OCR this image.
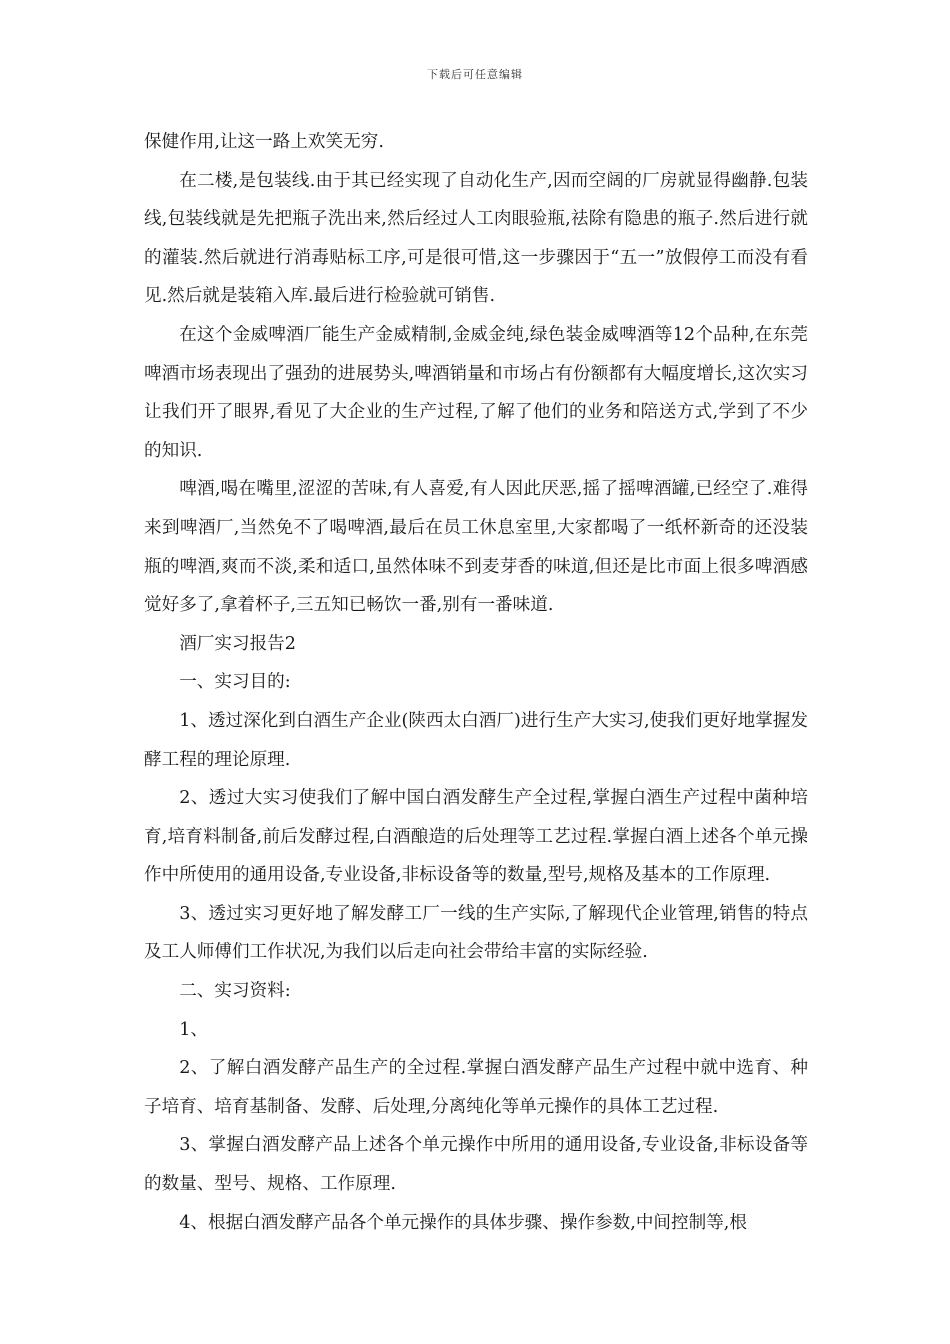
下载后可任意编辑

保健作用,让这一路上欢笑无穷.

在二楼,是包装线.由于其已经实现了自动化生产,因而空阔的厂房就显得幽静.包装线,包装线就是先把瓶子洗出来,然后经过人工肉眼验瓶,祛除有隐患的瓶子.然后进行就的灌装.然后就进行消毒贴标工序,可是很可惜,这一步骤因于“五一”放假停工而没有看见.然后就是装箱入库.最后进行检验就可销售.

在这个金威啤酒厂能生产金威精制,金威金纯,绿色装金威啤酒等12个品种,在东莞啤酒市场表现出了强劲的进展势头,啤酒销量和市场占有份额都有大幅度增长,这次实习让我们开了眼界,看见了大企业的生产过程,了解了他们的业务和陪送方式,学到了不少的知识.

啤酒,喝在嘴里,涩涩的苦味,有人喜爱,有人因此厌恶,摇了摇啤酒罐,已经空了.难得来到啤酒厂,当然免不了喝啤酒,最后在员工休息室里,大家都喝了一纸杯新奇的还没装瓶的啤酒,爽而不淡,柔和适口,虽然体味不到麦芽香的味道,但还是比市面上很多啤酒感觉好多了,拿着杯子,三五知已畅饮一番,别有一番味道.

酒厂实习报告2

一、实习目的:

1、透过深化到白酒生产企业(陕西太白酒厂)进行生产大实习,使我们更好地掌握发酵工程的理论原理.

2、透过大实习使我们了解中国白酒发酵生产全过程,掌握白酒生产过程中菌种培育,培育料制备,前后发酵过程,白酒酿造的后处理等工艺过程.掌握白酒上述各个单元操作中所使用的通用设备,专业设备,非标设备等的数量,型号,规格及基本的工作原理.

3、透过实习更好地了解发酵工厂一线的生产实际,了解现代企业管理,销售的特点及工人师傅们工作状况,为我们以后走向社会带给丰富的实际经验.

二、实习资料:

1、

2、了解白酒发酵产品生产的全过程.掌握白酒发酵产品生产过程中就中选育、种子培育、培育基制备、发酵、后处理,分离纯化等单元操作的具体工艺过程.

3、掌握白酒发酵产品上述各个单元操作中所用的通用设备,专业设备,非标设备等的数量、型号、规格、工作原理.

4、根据白酒发酵产品各个单元操作的具体步骤、操作参数,中间控制等,根
